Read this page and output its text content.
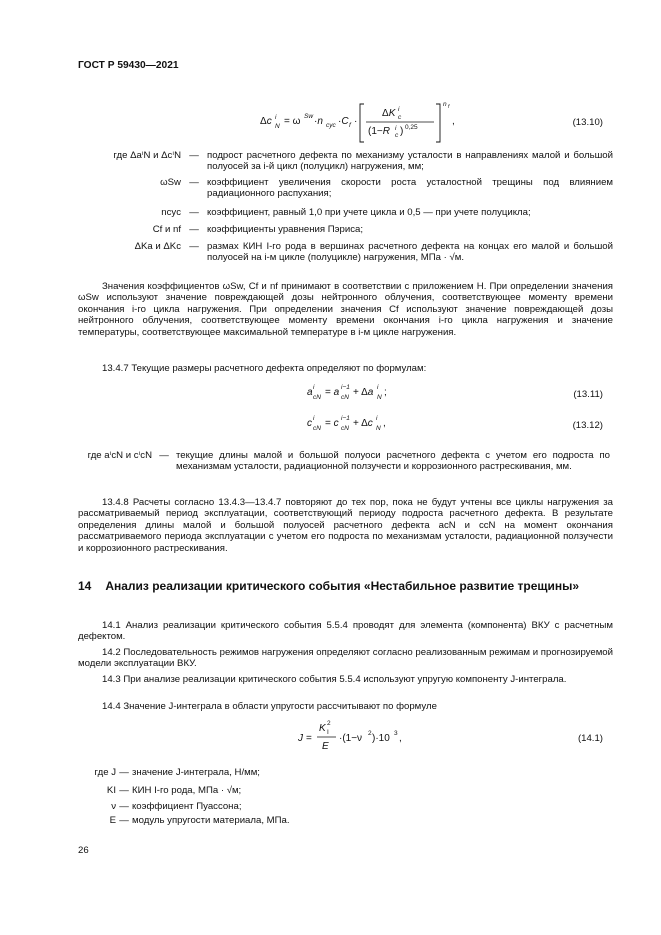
ГОСТ Р 59430—2021
Δc i
N = ω Sw ·n cyc ·C f ·
ΔK i
c
(1−R i
c ) 0,25
n f
,	(13.10)
где ΔaⁱN и ΔcⁱN — подрост расчетного дефекта по механизму усталости в направлениях малой и большой полуосей за i-й цикл (полуцикл) нагружения, мм;
ωSw — коэффициент увеличения скорости роста усталостной трещины под влиянием радиационного распухания;
ncyc — коэффициент, равный 1,0 при учете цикла и 0,5 — при учете полуцикла;
Cf и nf — коэффициенты уравнения Пэриса;
ΔKa и ΔKc — размах КИН I-го рода в вершинах расчетного дефекта на концах его малой и большой полуосей на i-м цикле (полуцикле) нагружения, МПа · √м.
Значения коэффициентов ωSw, Cf и nf принимают в соответствии с приложением Н. При определении значения ωSw используют значение повреждающей дозы нейтронного облучения, соответствующее моменту времени окончания i-го цикла нагружения. При определении значения Cf используют значение повреждающей дозы нейтронного облучения, соответствующее моменту времени окончания i-го цикла нагружения и значение температуры, соответствующее максимальной температуре в i-м цикле нагружения.
13.4.7 Текущие размеры расчетного дефекта определяют по формулам:
a i
cN = a i−1
cN + Δa i
N ;	(13.11)
c i
cN = c i−1
cN + Δc i
N ,	(13.12)
где aⁱcN и cⁱcN — текущие длины малой и большой полуоси расчетного дефекта с учетом его подроста по механизмам усталости, радиационной ползучести и коррозионного растрескивания, мм.
13.4.8 Расчеты согласно 13.4.3—13.4.7 повторяют до тех пор, пока не будут учтены все циклы нагружения за рассматриваемый период эксплуатации, соответствующий периоду подроста расчетного дефекта. В результате определения длины малой и большой полуосей расчетного дефекта acN и ccN на момент окончания рассматриваемого периода эксплуатации с учетом его подроста по механизмам усталости, радиационной ползучести и коррозионного растрескивания.
14 Анализ реализации критического события «Нестабильное развитие трещины»
14.1 Анализ реализации критического события 5.5.4 проводят для элемента (компонента) ВКУ с расчетным дефектом.
14.2 Последовательность режимов нагружения определяют согласно реализованным режимам и прогнозируемой модели эксплуатации ВКУ.
14.3 При анализе реализации критического события 5.5.4 используют упругую компоненту J-интеграла.
14.4 Значение J-интеграла в области упругости рассчитывают по формуле
J =
K 2
I
E
·(1−ν 2 )·10 3 ,	(14.1)
где J — значение J-интеграла, Н/мм;
KI — КИН I-го рода, МПа · √м;
ν — коэффициент Пуассона;
E — модуль упругости материала, МПа.
26
